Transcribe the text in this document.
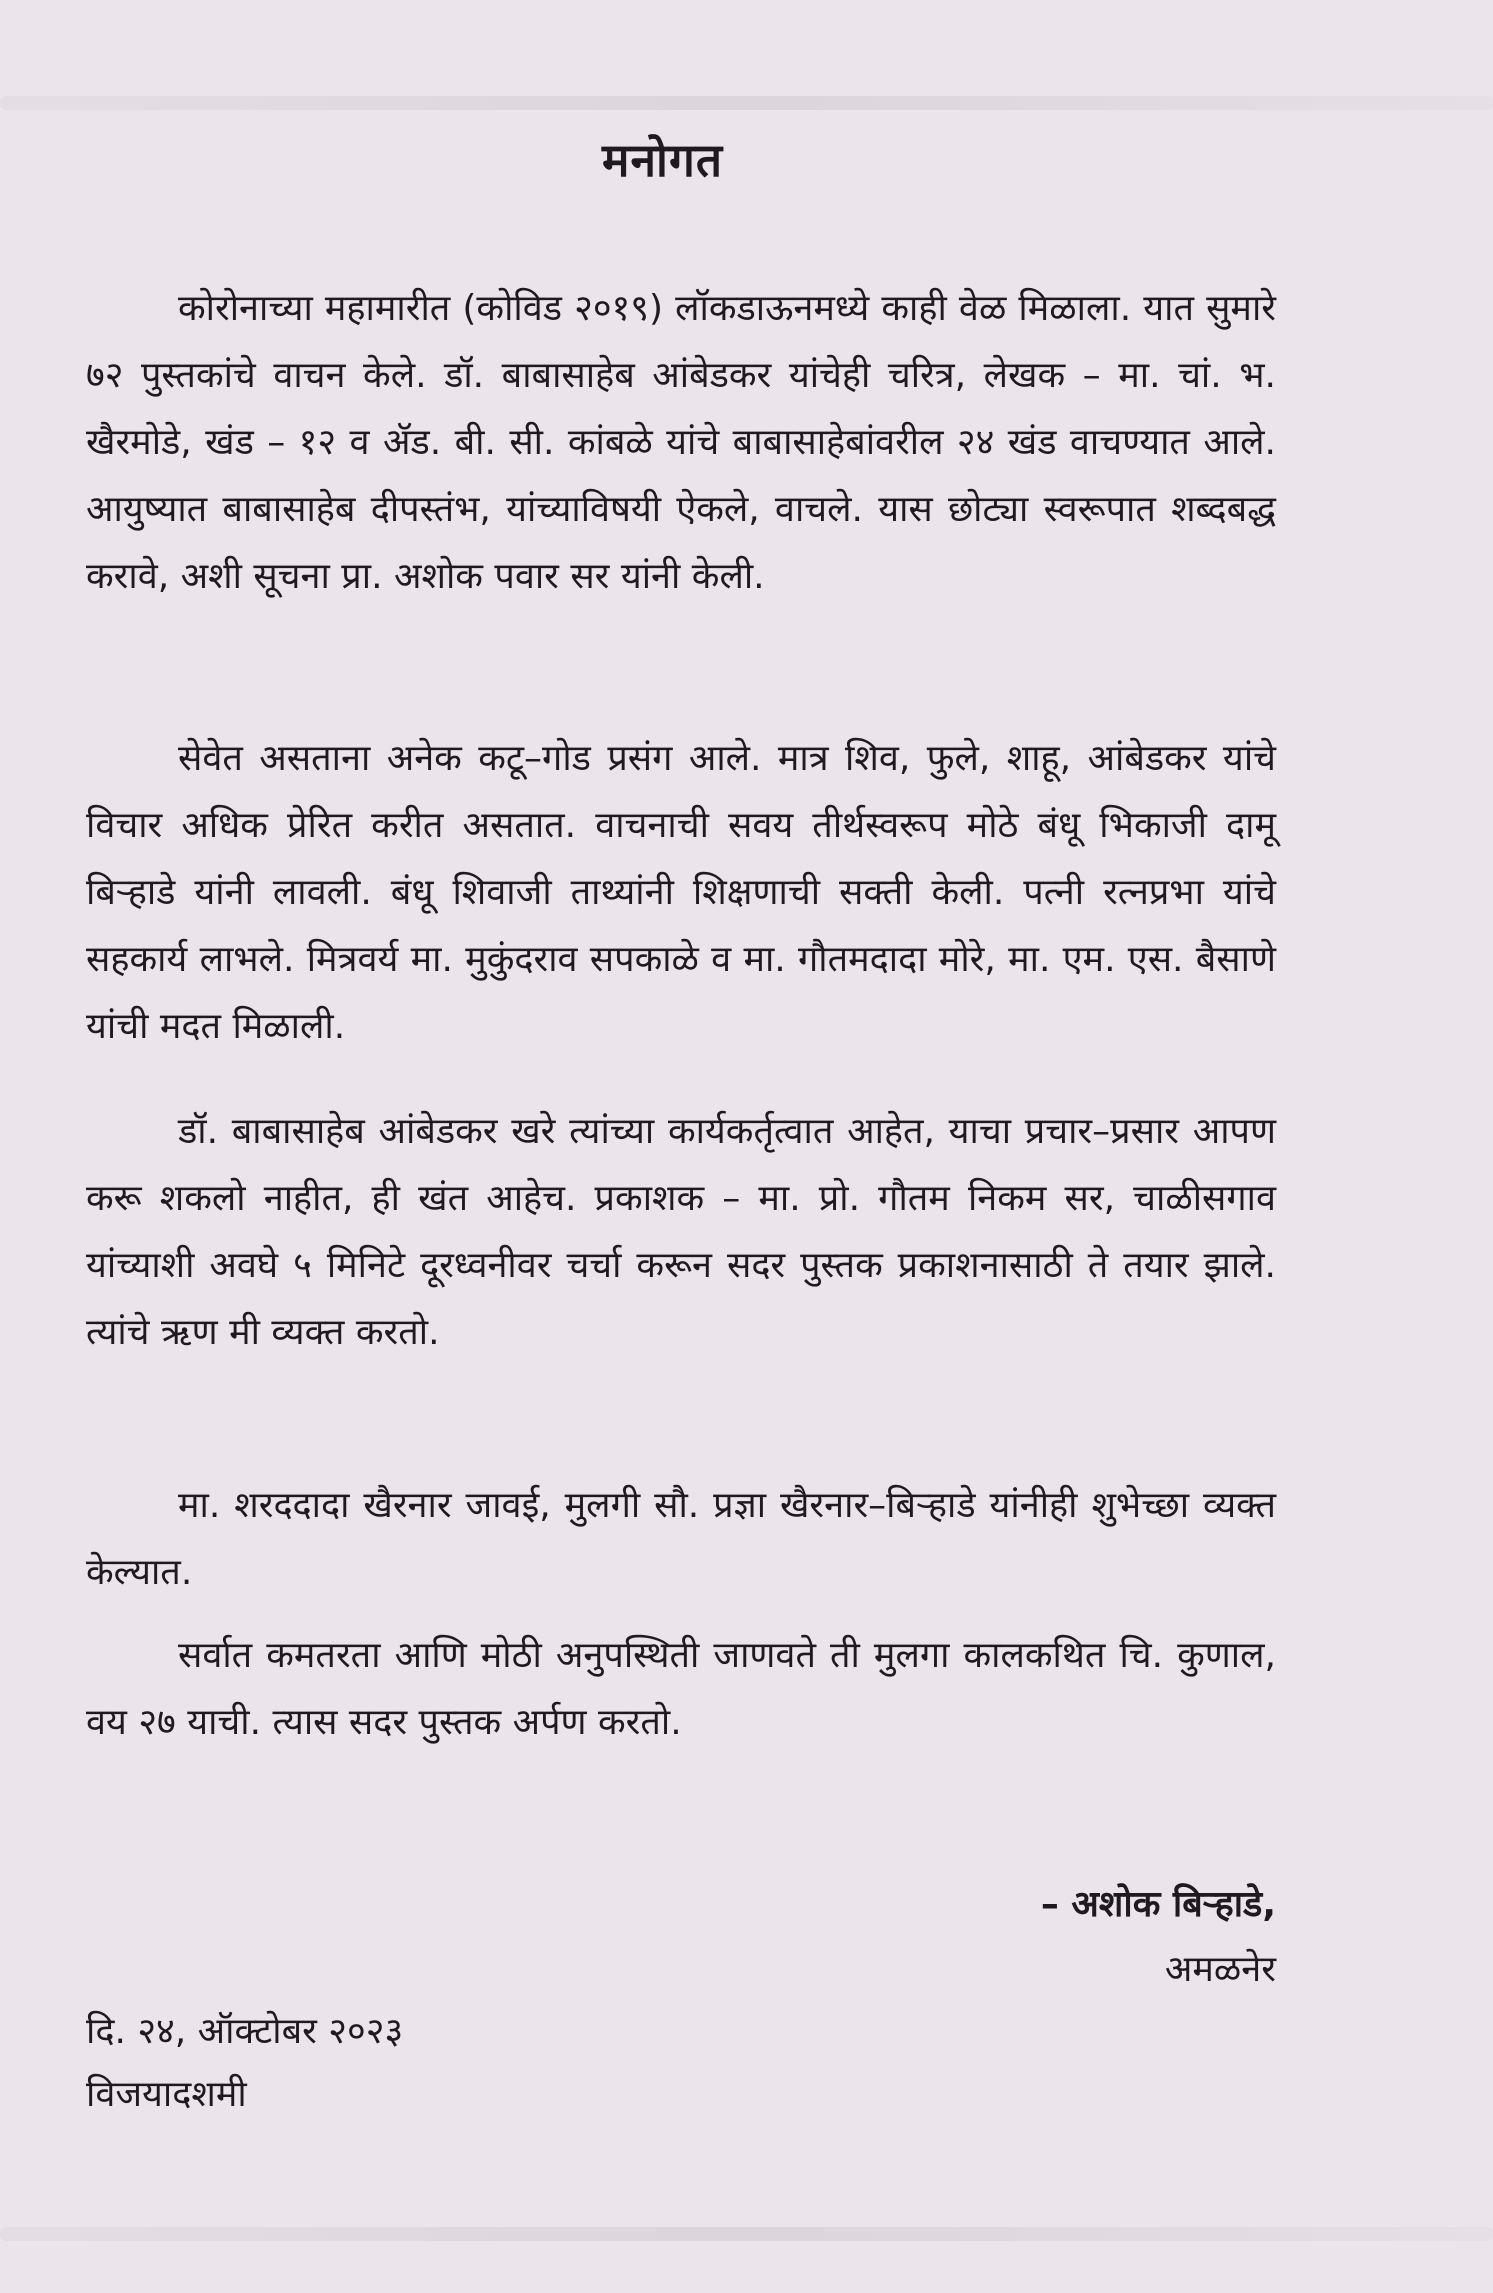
मनोगत

कोरोनाच्या महामारीत (कोविड २०१९) लॉकडाऊनमध्ये काही वेळ मिळाला. यात सुमारे ७२ पुस्तकांचे वाचन केले. डॉ. बाबासाहेब आंबेडकर यांचेही चरित्र, लेखक – मा. चां. भ. खैरमोडे, खंड – १२ व ॲड. बी. सी. कांबळे यांचे बाबासाहेबांवरील २४ खंड वाचण्यात आले. आयुष्यात बाबासाहेब दीपस्तंभ, यांच्याविषयी ऐकले, वाचले. यास छोट्या स्वरूपात शब्दबद्ध करावे, अशी सूचना प्रा. अशोक पवार सर यांनी केली.

सेवेत असताना अनेक कटू–गोड प्रसंग आले. मात्र शिव, फुले, शाहू, आंबेडकर यांचे विचार अधिक प्रेरित करीत असतात. वाचनाची सवय तीर्थस्वरूप मोठे बंधू भिकाजी दामू बिऱ्हाडे यांनी लावली. बंधू शिवाजी ताथ्यांनी शिक्षणाची सक्ती केली. पत्नी रत्नप्रभा यांचे सहकार्य लाभले. मित्रवर्य मा. मुकुंदराव सपकाळे व मा. गौतमदादा मोरे, मा. एम. एस. बैसाणे यांची मदत मिळाली.

डॉ. बाबासाहेब आंबेडकर खरे त्यांच्या कार्यकर्तृत्वात आहेत, याचा प्रचार–प्रसार आपण करू शकलो नाहीत, ही खंत आहेच. प्रकाशक – मा. प्रो. गौतम निकम सर, चाळीसगाव यांच्याशी अवघे ५ मिनिटे दूरध्वनीवर चर्चा करून सदर पुस्तक प्रकाशनासाठी ते तयार झाले. त्यांचे ऋण मी व्यक्त करतो.

मा. शरददादा खैरनार जावई, मुलगी सौ. प्रज्ञा खैरनार–बिऱ्हाडे यांनीही शुभेच्छा व्यक्त केल्यात.

सर्वात कमतरता आणि मोठी अनुपस्थिती जाणवते ती मुलगा कालकथित चि. कुणाल, वय २७ याची. त्यास सदर पुस्तक अर्पण करतो.

– अशोक बिऱ्हाडे,
अमळनेर
दि. २४, ऑक्टोबर २०२३
विजयादशमी
